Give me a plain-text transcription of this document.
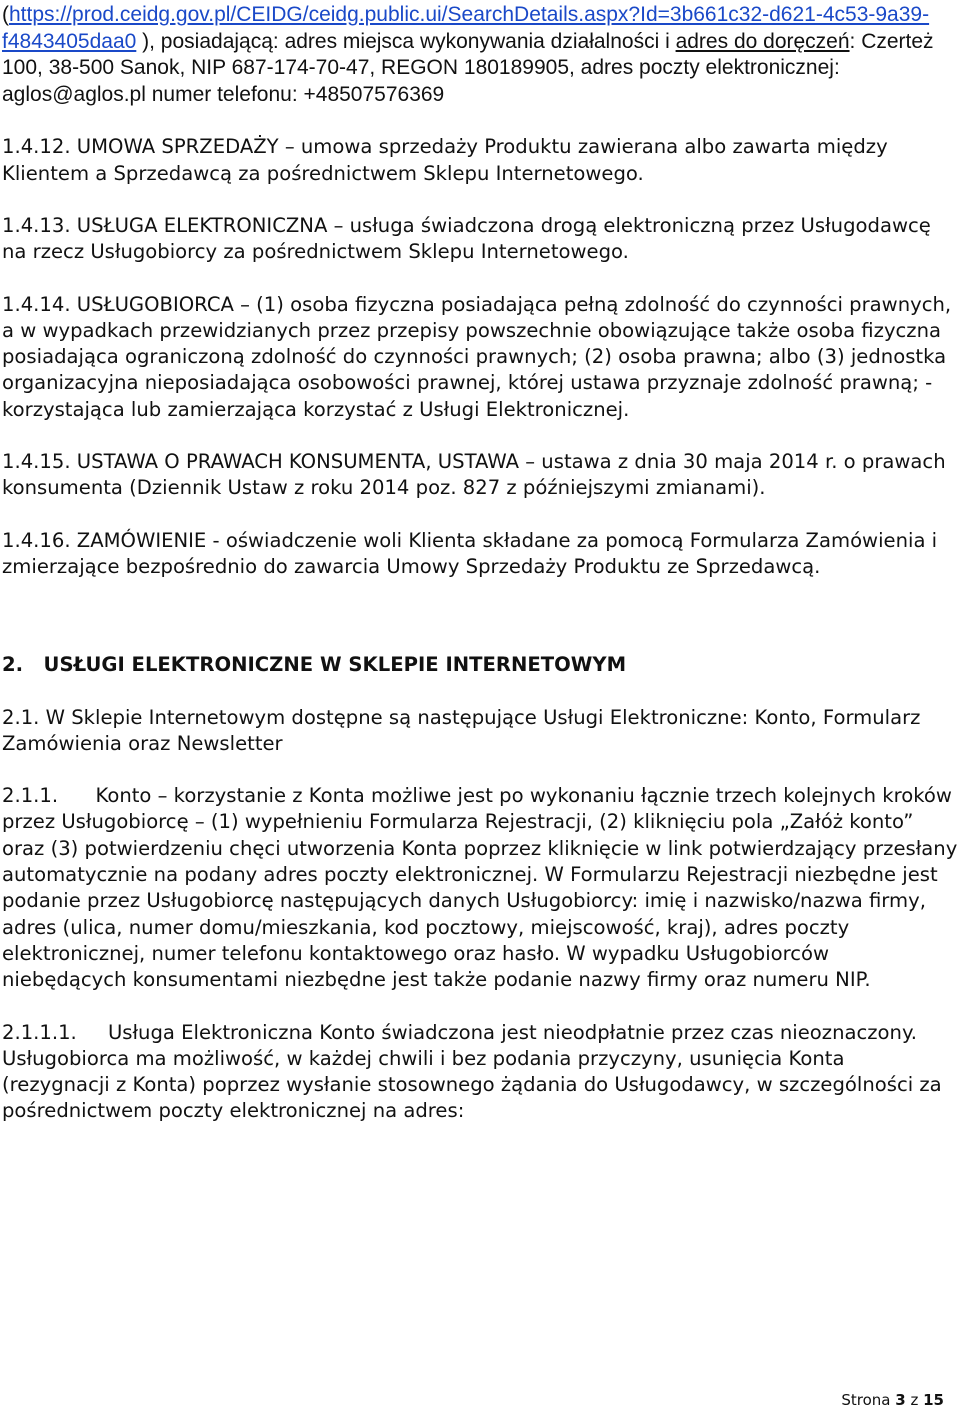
(https://prod.ceidg.gov.pl/CEIDG/ceidg.public.ui/SearchDetails.aspx?Id=3b661c32-d621-4c53-9a39-f4843405daa0 ), posiadającą: adres miejsca wykonywania działalności i adres do doręczeń: Czerteż 100, 38-500 Sanok, NIP 687-174-70-47, REGON 180189905, adres poczty elektronicznej: aglos@aglos.pl numer telefonu: +48507576369

1.4.12. UMOWA SPRZEDAŻY – umowa sprzedaży Produktu zawierana albo zawarta między Klientem a Sprzedawcą za pośrednictwem Sklepu Internetowego.

1.4.13. USŁUGA ELEKTRONICZNA – usługa świadczona drogą elektroniczną przez Usługodawcę na rzecz Usługobiorcy za pośrednictwem Sklepu Internetowego.

1.4.14. USŁUGOBIORCA – (1) osoba fizyczna posiadająca pełną zdolność do czynności prawnych, a w wypadkach przewidzianych przez przepisy powszechnie obowiązujące także osoba fizyczna posiadająca ograniczoną zdolność do czynności prawnych; (2) osoba prawna; albo (3) jednostka organizacyjna nieposiadająca osobowości prawnej, której ustawa przyznaje zdolność prawną; - korzystająca lub zamierzająca korzystać z Usługi Elektronicznej.

1.4.15. USTAWA O PRAWACH KONSUMENTA, USTAWA – ustawa z dnia 30 maja 2014 r. o prawach konsumenta (Dziennik Ustaw z roku 2014 poz. 827 z późniejszymi zmianami).

1.4.16. ZAMÓWIENIE - oświadczenie woli Klienta składane za pomocą Formularza Zamówienia i zmierzające bezpośrednio do zawarcia Umowy Sprzedaży Produktu ze Sprzedawcą.

2. USŁUGI ELEKTRONICZNE W SKLEPIE INTERNETOWYM

2.1. W Sklepie Internetowym dostępne są następujące Usługi Elektroniczne: Konto, Formularz Zamówienia oraz Newsletter

2.1.1. Konto – korzystanie z Konta możliwe jest po wykonaniu łącznie trzech kolejnych kroków przez Usługobiorcę – (1) wypełnieniu Formularza Rejestracji, (2) kliknięciu pola „Załóż konto” oraz (3) potwierdzeniu chęci utworzenia Konta poprzez kliknięcie w link potwierdzający przesłany automatycznie na podany adres poczty elektronicznej. W Formularzu Rejestracji niezbędne jest podanie przez Usługobiorcę następujących danych Usługobiorcy: imię i nazwisko/nazwa firmy, adres (ulica, numer domu/mieszkania, kod pocztowy, miejscowość, kraj), adres poczty elektronicznej, numer telefonu kontaktowego oraz hasło. W wypadku Usługobiorców niebędących konsumentami niezbędne jest także podanie nazwy firmy oraz numeru NIP.

2.1.1.1. Usługa Elektroniczna Konto świadczona jest nieodpłatnie przez czas nieoznaczony. Usługobiorca ma możliwość, w każdej chwili i bez podania przyczyny, usunięcia Konta (rezygnacji z Konta) poprzez wysłanie stosownego żądania do Usługodawcy, w szczególności za pośrednictwem poczty elektronicznej na adres:

Strona 3 z 15
